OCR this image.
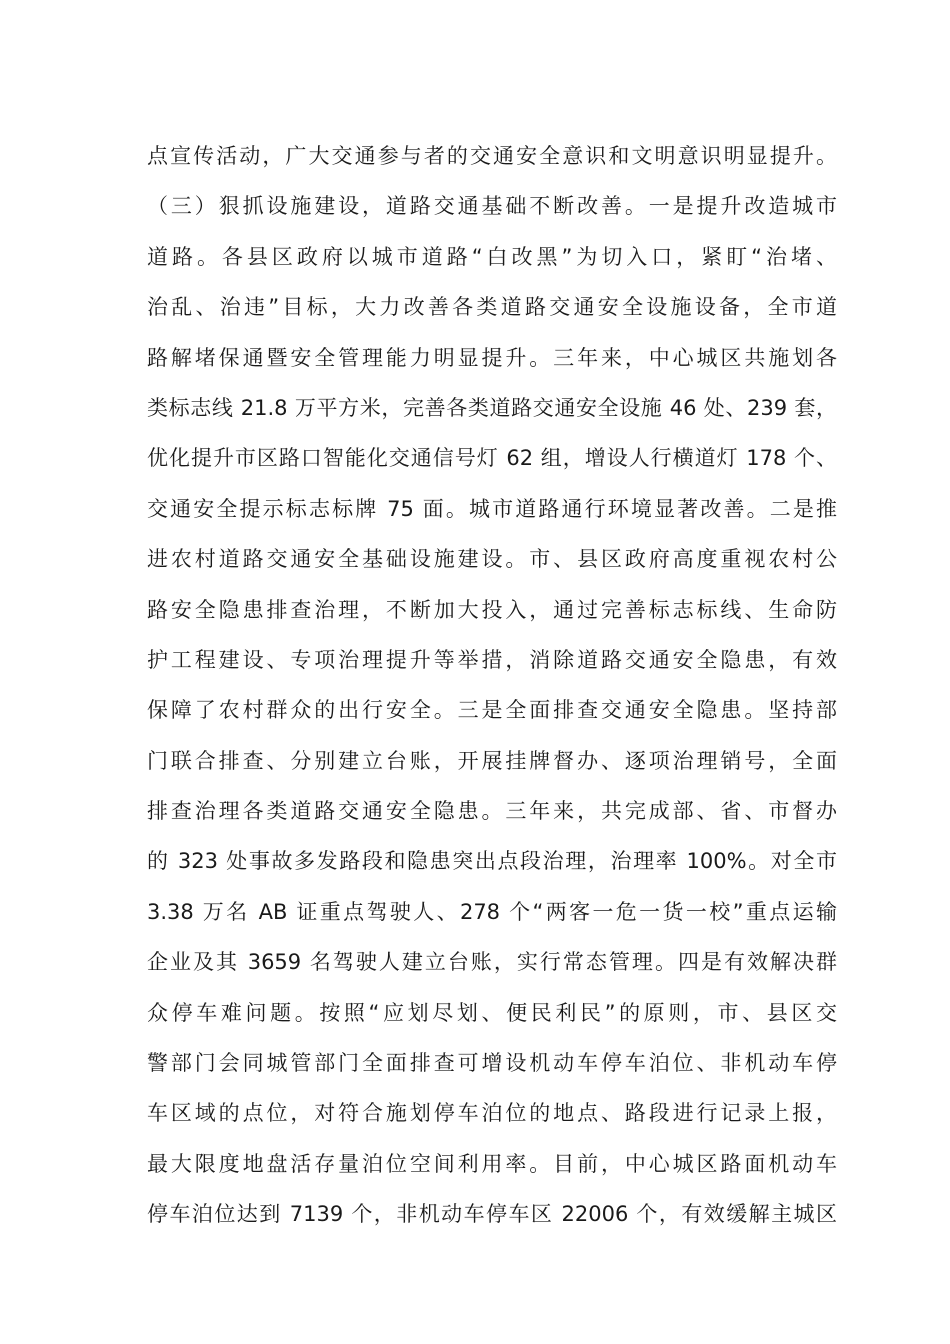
点宣传活动，广大交通参与者的交通安全意识和文明意识明显提升。
（三）狠抓设施建设，道路交通基础不断改善。一是提升改造城市
道路。各县区政府以城市道路“白改黑”为切入口，紧盯“治堵、
治乱、治违”目标，大力改善各类道路交通安全设施设备，全市道
路解堵保通暨安全管理能力明显提升。三年来，中心城区共施划各
类标志线 21.8 万平方米，完善各类道路交通安全设施 46 处、239 套，
优化提升市区路口智能化交通信号灯 62 组，增设人行横道灯 178 个、
交通安全提示标志标牌 75 面。城市道路通行环境显著改善。二是推
进农村道路交通安全基础设施建设。市、县区政府高度重视农村公
路安全隐患排查治理，不断加大投入，通过完善标志标线、生命防
护工程建设、专项治理提升等举措，消除道路交通安全隐患，有效
保障了农村群众的出行安全。三是全面排查交通安全隐患。坚持部
门联合排查、分别建立台账，开展挂牌督办、逐项治理销号，全面
排查治理各类道路交通安全隐患。三年来，共完成部、省、市督办
的 323 处事故多发路段和隐患突出点段治理，治理率 100%。对全市
3.38 万名 AB 证重点驾驶人、278 个“两客一危一货一校”重点运输
企业及其 3659 名驾驶人建立台账，实行常态管理。四是有效解决群
众停车难问题。按照“应划尽划、便民利民”的原则，市、县区交
警部门会同城管部门全面排查可增设机动车停车泊位、非机动车停
车区域的点位，对符合施划停车泊位的地点、路段进行记录上报，
最大限度地盘活存量泊位空间利用率。目前，中心城区路面机动车
停车泊位达到 7139 个，非机动车停车区 22006 个，有效缓解主城区
